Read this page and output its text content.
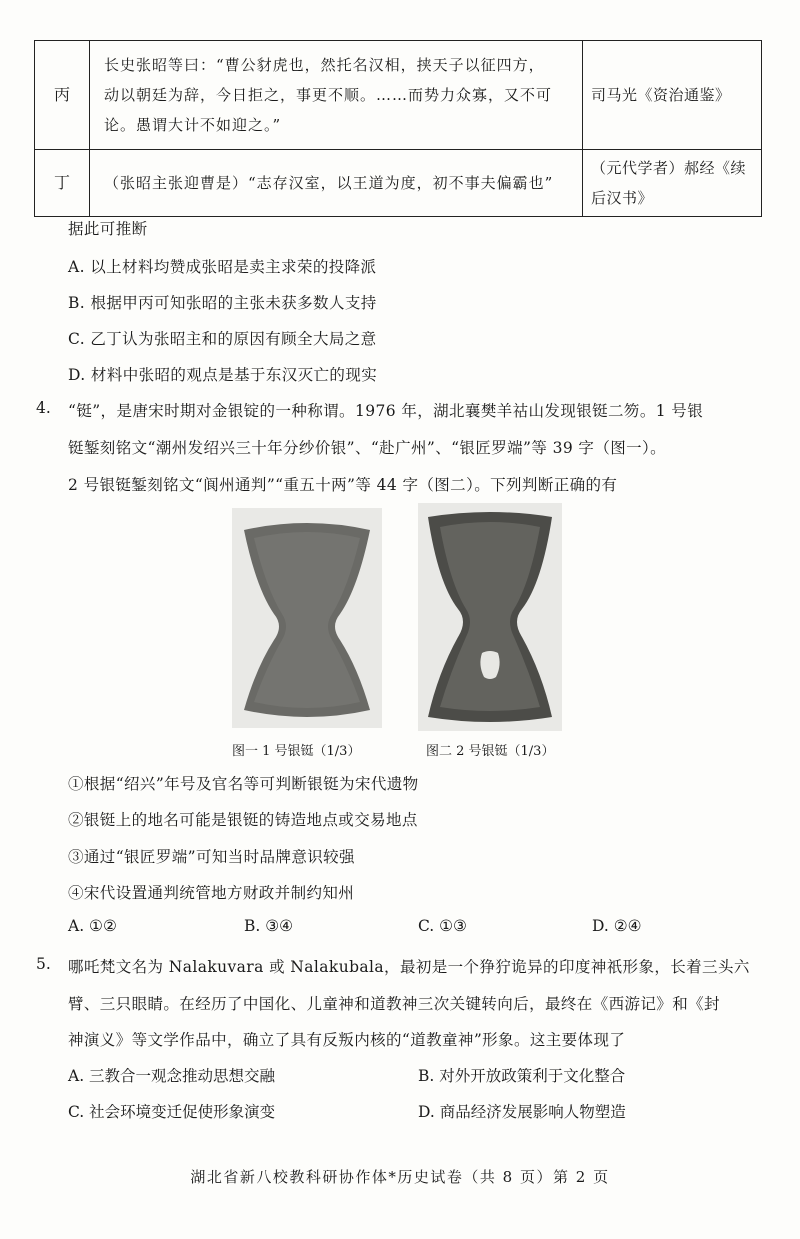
丙	长史张昭等曰：“曹公豺虎也，然托名汉相，挟天子以征四方，
动以朝廷为辞，今日拒之，事更不顺。……而势力众寡，又不可
论。愚谓大计不如迎之。”	司马光《资治通鉴》
丁	（张昭主张迎曹是）“志存汉室，以王道为度，初不事夫偏霸也”	（元代学者）郝经《续
后汉书》
据此可推断
A. 以上材料均赞成张昭是卖主求荣的投降派
B. 根据甲丙可知张昭的主张未获多数人支持
C. 乙丁认为张昭主和的原因有顾全大局之意
D. 材料中张昭的观点是基于东汉灭亡的现实
4. “铤”，是唐宋时期对金银锭的一种称谓。1976 年，湖北襄樊羊祜山发现银铤二笏。1 号银
铤錾刻铭文“潮州发绍兴三十年分纱价银”、“赴广州”、“银匠罗端”等 39 字（图一）。
2 号银铤錾刻铭文“阆州通判”“重五十两”等 44 字（图二）。下列判断正确的有
图一 1 号银铤（1/3）	图二 2 号银铤（1/3）
①根据“绍兴”年号及官名等可判断银铤为宋代遗物
②银铤上的地名可能是银铤的铸造地点或交易地点
③通过“银匠罗端”可知当时品牌意识较强
④宋代设置通判统管地方财政并制约知州
A. ①②	B. ③④	C. ①③	D. ②④
5. 哪吒梵文名为 Nalakuvara 或 Nalakubala，最初是一个狰狞诡异的印度神祇形象，长着三头六
臂、三只眼睛。在经历了中国化、儿童神和道教神三次关键转向后，最终在《西游记》和《封
神演义》等文学作品中，确立了具有反叛内核的“道教童神”形象。这主要体现了
A. 三教合一观念推动思想交融	B. 对外开放政策利于文化整合
C. 社会环境变迁促使形象演变	D. 商品经济发展影响人物塑造
湖北省新八校教科研协作体*历史试卷（共 8 页）第 2 页
